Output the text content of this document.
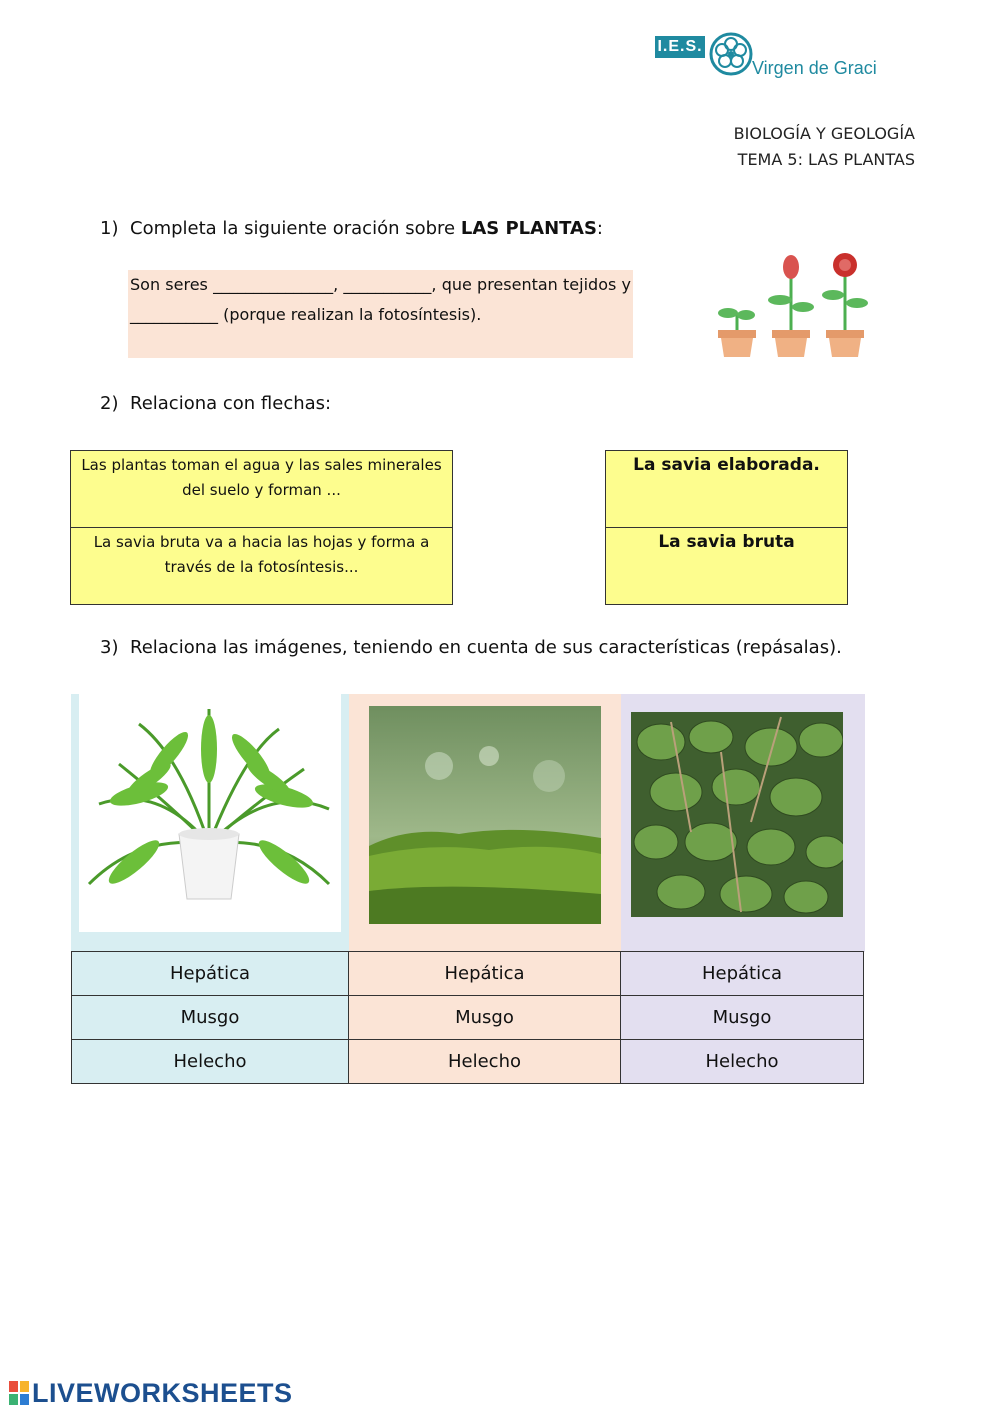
I.E.S.
Virgen de Graci
BIOLOGÍA Y GEOLOGÍA
TEMA 5: LAS PLANTAS
1) Completa la siguiente oración sobre LAS PLANTAS:
Son seres _______________, ___________, que presentan tejidos y ___________ (porque realizan la fotosíntesis).
2) Relaciona con flechas:
Las plantas toman el agua y las sales minerales del suelo y forman ...
La savia bruta va a hacia las hojas y forma a través de la fotosíntesis...
La savia elaborada.
La savia bruta
3) Relaciona las imágenes, teniendo en cuenta de sus características (repásalas).
Hepática	Hepática	Hepática
Musgo	Musgo	Musgo
Helecho	Helecho	Helecho
LIVEWORKSHEETS
